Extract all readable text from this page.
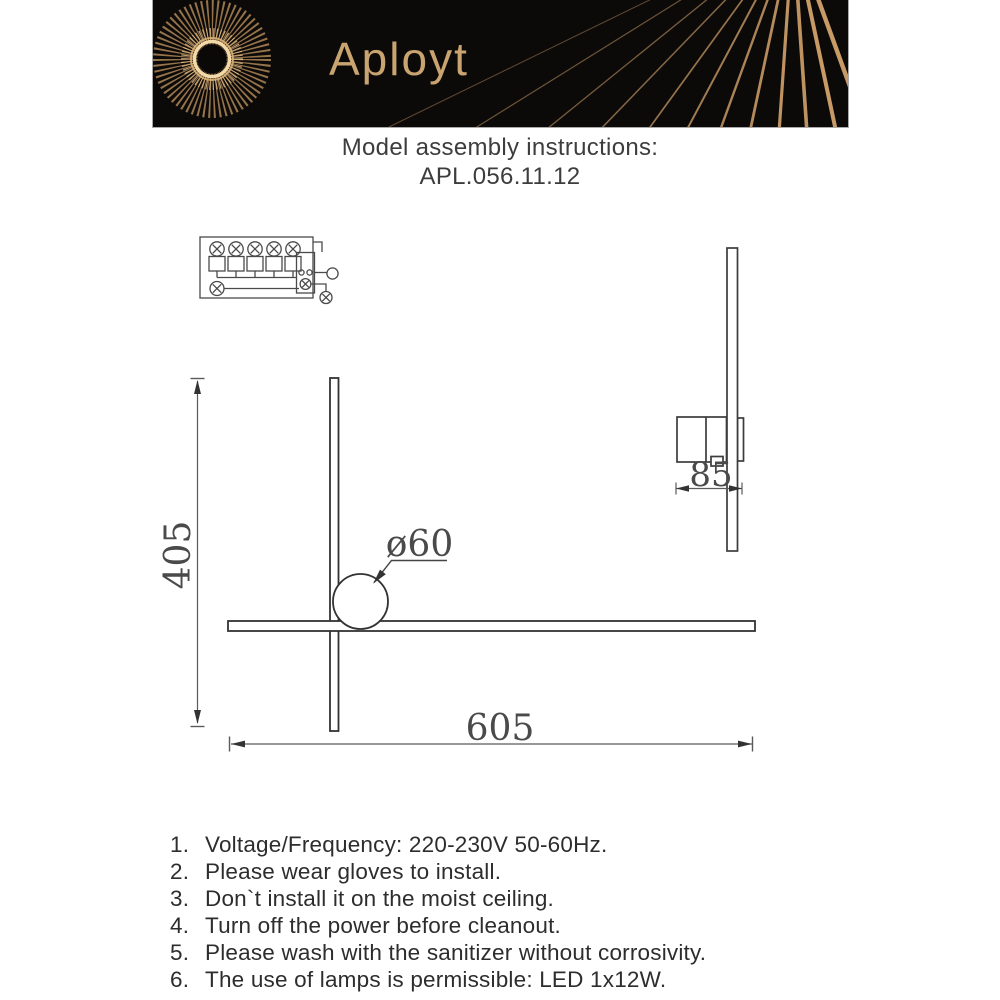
Aployt
Model assembly instructions:
APL.056.11.12
85
ø60
405
605
1. Voltage/Frequency: 220-230V 50-60Hz.
2. Please wear gloves to install.
3. Don`t install it on the moist ceiling.
4. Turn off the power before cleanout.
5. Please wash with the sanitizer without corrosivity.
6. The use of lamps is permissible: LED 1x12W.
